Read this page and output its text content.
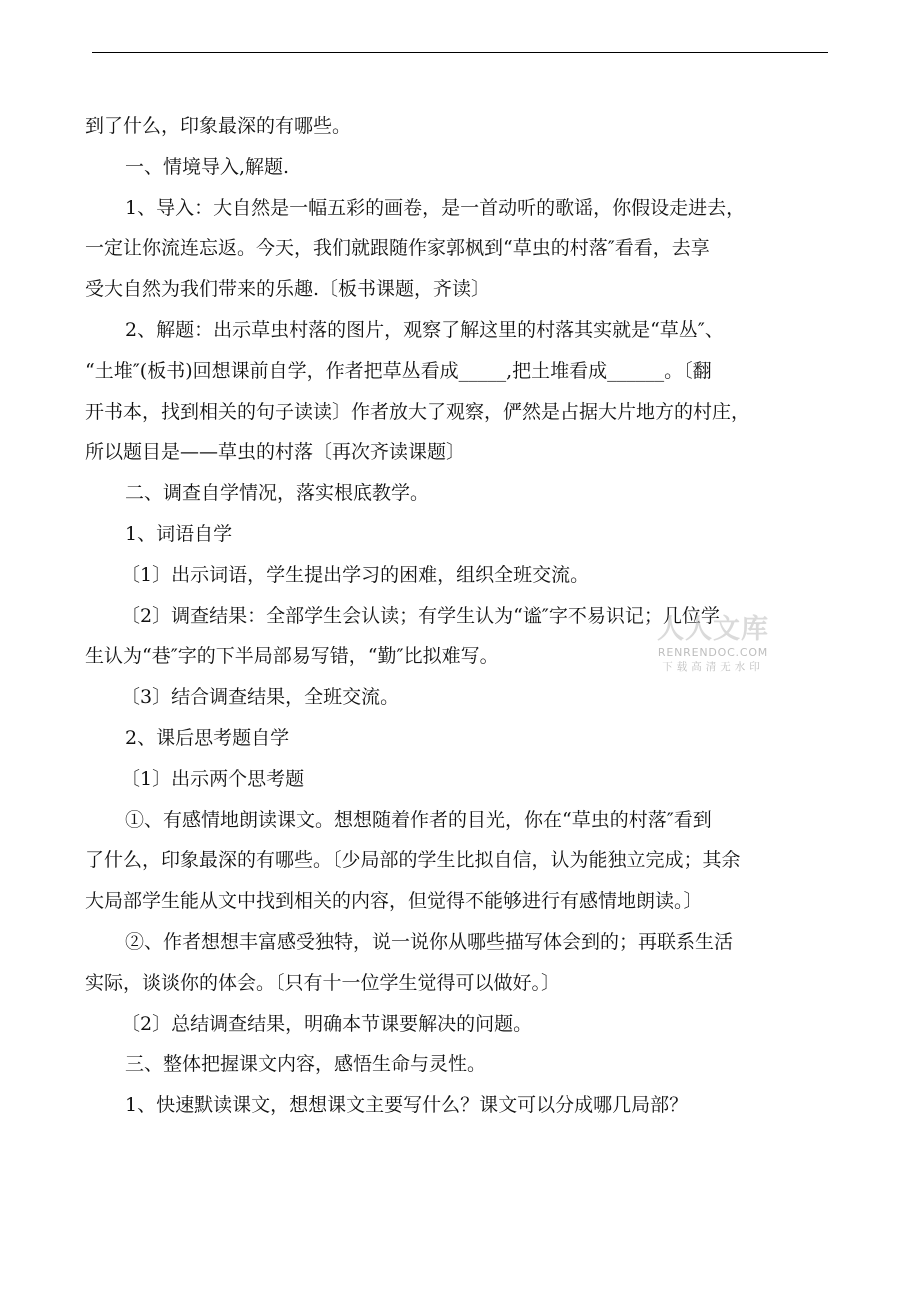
到了什么，印象最深的有哪些。

一、情境导入,解题.

1、导入：大自然是一幅五彩的画卷，是一首动听的歌谣，你假设走进去，

一定让你流连忘返。今天，我们就跟随作家郭枫到“草虫的村落″看看，去享

受大自然为我们带来的乐趣.〔板书课题，齐读〕

2、解题：出示草虫村落的图片，观察了解这里的村落其实就是“草丛″、

“土堆″(板书)回想课前自学，作者把草丛看成_____,把土堆看成______。〔翻

开书本，找到相关的句子读读〕作者放大了观察，俨然是占据大片地方的村庄，

所以题目是——草虫的村落〔再次齐读课题〕

二、调查自学情况，落实根底教学。

1、词语自学

〔1〕出示词语，学生提出学习的困难，组织全班交流。

〔2〕调查结果：全部学生会认读；有学生认为“谧″字不易识记；几位学

生认为“巷″字的下半局部易写错，“勤″比拟难写。

〔3〕结合调查结果，全班交流。

2、课后思考题自学

〔1〕出示两个思考题

①、有感情地朗读课文。想想随着作者的目光，你在“草虫的村落″看到

了什么，印象最深的有哪些。〔少局部的学生比拟自信，认为能独立完成；其余

大局部学生能从文中找到相关的内容，但觉得不能够进行有感情地朗读。〕

②、作者想想丰富感受独特，说一说你从哪些描写体会到的；再联系生活

实际，谈谈你的体会。〔只有十一位学生觉得可以做好。〕

〔2〕总结调查结果，明确本节课要解决的问题。

三、整体把握课文内容，感悟生命与灵性。

1、快速默读课文，想想课文主要写什么？课文可以分成哪几局部？

人人文库
RENRENDOC.COM
下载高清无水印
